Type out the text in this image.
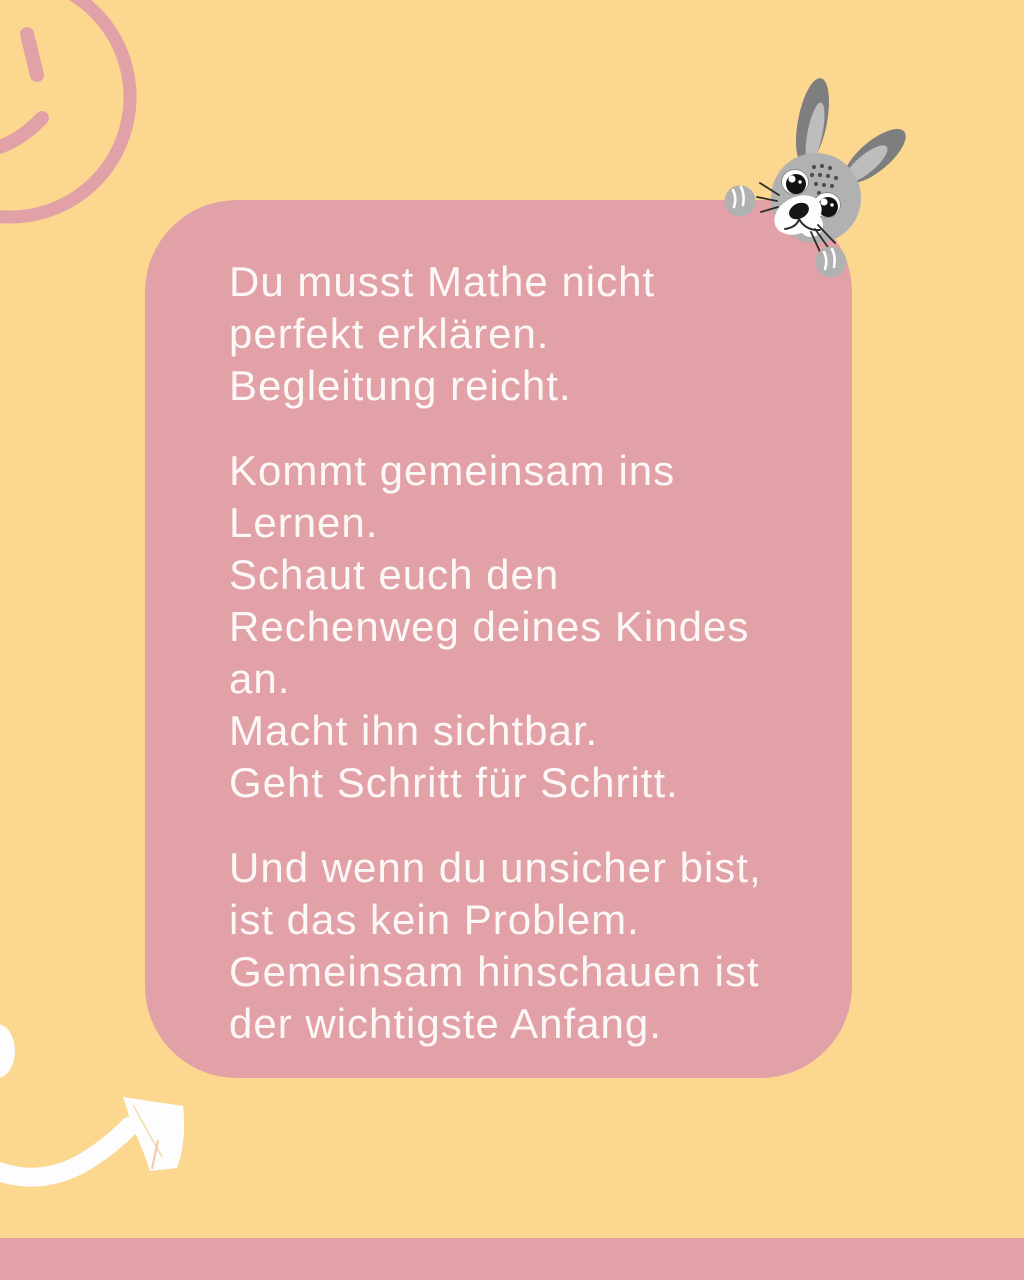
Du musst Mathe nicht
perfekt erklären.
Begleitung reicht.
Kommt gemeinsam ins
Lernen.
Schaut euch den
Rechenweg deines Kindes
an.
Macht ihn sichtbar.
Geht Schritt für Schritt.
Und wenn du unsicher bist,
ist das kein Problem.
Gemeinsam hinschauen ist
der wichtigste Anfang.
